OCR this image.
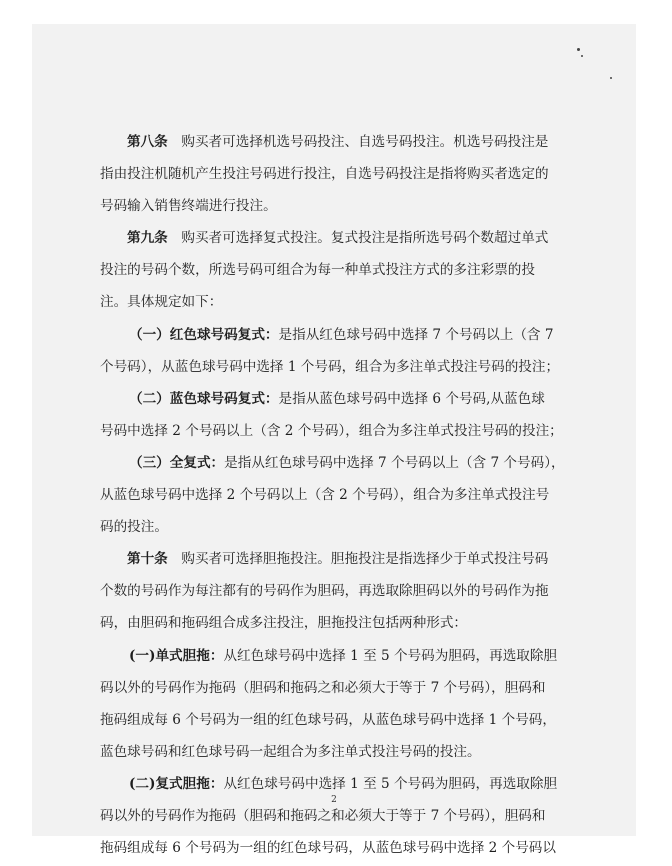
第八条　购买者可选择机选号码投注、自选号码投注。机选号码投注是
指由投注机随机产生投注号码进行投注，自选号码投注是指将购买者选定的
号码输入销售终端进行投注。
第九条　购买者可选择复式投注。复式投注是指所选号码个数超过单式
投注的号码个数，所选号码可组合为每一种单式投注方式的多注彩票的投
注。具体规定如下：
（一）红色球号码复式：是指从红色球号码中选择 7 个号码以上（含 7
个号码），从蓝色球号码中选择 1 个号码，组合为多注单式投注号码的投注；
（二）蓝色球号码复式：是指从蓝色球号码中选择 6 个号码,从蓝色球
号码中选择 2 个号码以上（含 2 个号码），组合为多注单式投注号码的投注；
（三）全复式：是指从红色球号码中选择 7 个号码以上（含 7 个号码），
从蓝色球号码中选择 2 个号码以上（含 2 个号码），组合为多注单式投注号
码的投注。
第十条　购买者可选择胆拖投注。胆拖投注是指选择少于单式投注号码
个数的号码作为每注都有的号码作为胆码，再选取除胆码以外的号码作为拖
码，由胆码和拖码组合成多注投注，胆拖投注包括两种形式：
(一)单式胆拖：从红色球号码中选择 1 至 5 个号码为胆码，再选取除胆
码以外的号码作为拖码（胆码和拖码之和必须大于等于 7 个号码），胆码和
拖码组成每 6 个号码为一组的红色球号码，从蓝色球号码中选择 1 个号码，
蓝色球号码和红色球号码一起组合为多注单式投注号码的投注。
(二)复式胆拖：从红色球号码中选择 1 至 5 个号码为胆码，再选取除胆
码以外的号码作为拖码（胆码和拖码之和必须大于等于 7 个号码），胆码和
拖码组成每 6 个号码为一组的红色球号码，从蓝色球号码中选择 2 个号码以
2
